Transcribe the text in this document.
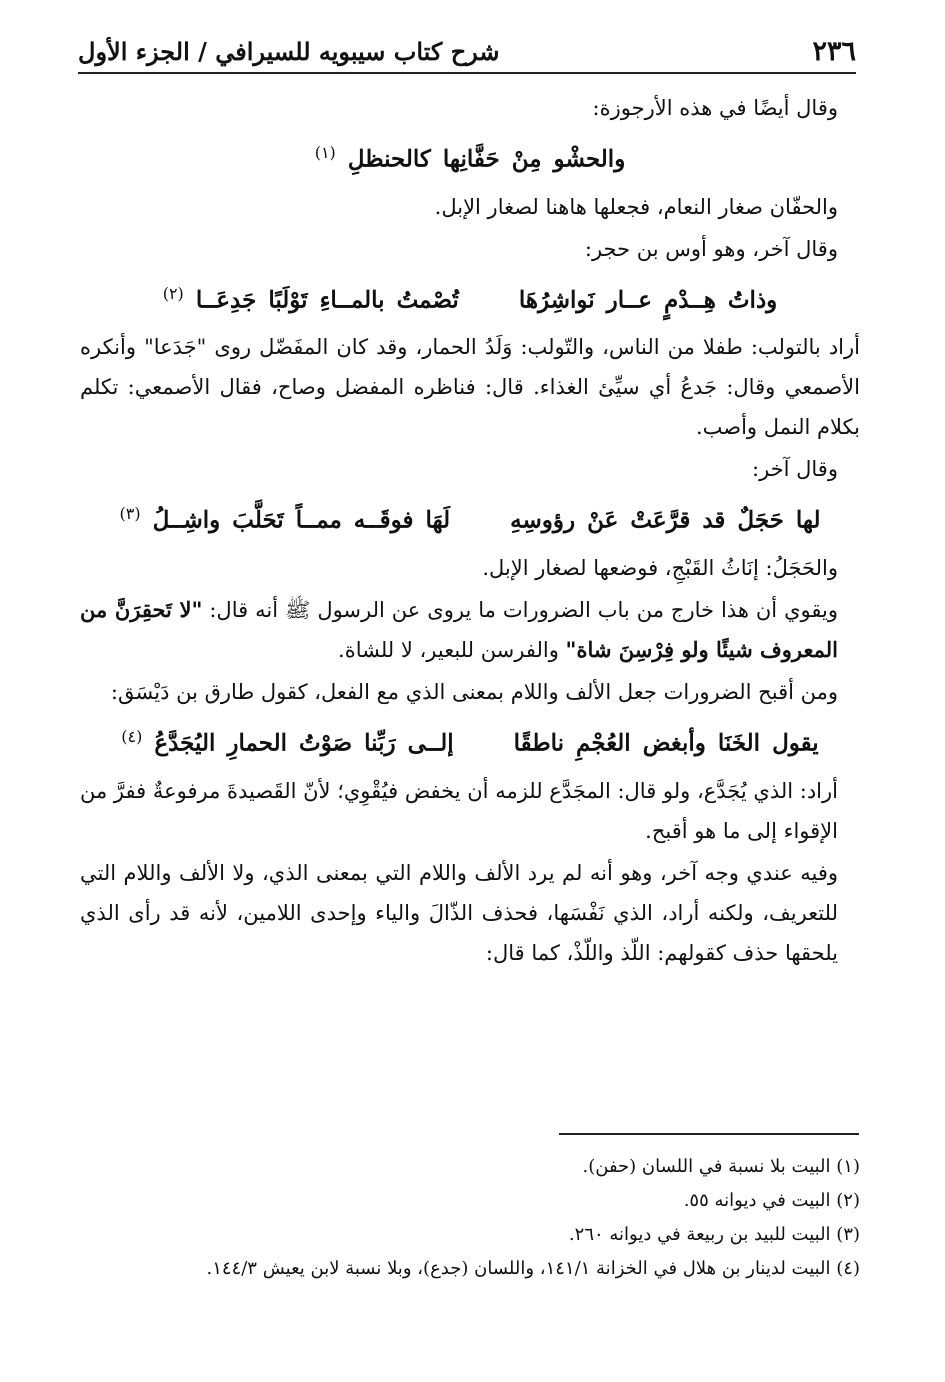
٢٣٦
شرح كتاب سيبويه للسيرافي / الجزء الأول

وقال أيضًا في هذه الأرجوزة:

والحشْو مِنْ حَفَّانِها كالحنظلِ $^{(١)}$

والحفّان صغار النعام، فجعلها هاهنا لصغار الإبل.

وقال آخر، وهو أوس بن حجر:

وذاتُ هِــدْمٍ عــار نَواشِرُهَا     تُصْمتُ بالمــاءِ تَوْلَبًا جَدِعَــا $^{(٢)}$

أراد بالتولب: طفلا من الناس، والتّولب: وَلَدُ الحمار، وقد كان المفَضّل روى "جَدَعا" وأنكره الأصمعي وقال: جَدعُ أي سيِّئ الغذاء. قال: فناظره المفضل وصاح، فقال الأصمعي: تكلم بكلام النمل وأصب.

وقال آخر:

لها حَجَلٌ قد قرَّعَتْ عَنْ رؤوسِهِ     لَهَا فوقَــه ممــاً تَحَلَّبَ واشِــلُ $^{(٣)}$

والحَجَلُ: إنَاثُ القَبْجِ، فوضعها لصغار الإبل.

ويقوي أن هذا خارج من باب الضرورات ما يروى عن الرسول ﷺ أنه قال: "لا تَحقِرَنَّ من المعروف شيئًا ولو فِرْسِنَ شاة" والفرسن للبعير، لا للشاة.

ومن أقبح الضرورات جعل الألف واللام بمعنى الذي مع الفعل، كقول طارق بن دَيْسَق:

يقول الخَنَا وأبغض العُجْمِ ناطقًا     إلــى رَبِّنا صَوْتُ الحمارِ اليُجَدَّعُ $^{(٤)}$

أراد: الذي يُجَدَّع، ولو قال: المجَدَّع للزمه أن يخفض فيُقْوِي؛ لأنّ القَصيدةَ مرفوعةٌ ففرَّ من الإقواء إلى ما هو أقبح.

وفيه عندي وجه آخر، وهو أنه لم يرد الألف واللام التي بمعنى الذي، ولا الألف واللام التي للتعريف، ولكنه أراد، الذي نَفْسَها، فحذف الذّالَ والياء وإحدى اللامين، لأنه قد رأى الذي يلحقها حذف كقولهم: اللّذ واللّذْ، كما قال:

(١) البيت بلا نسبة في اللسان (حفن).

(٢) البيت في ديوانه ٥٥.

(٣) البيت للبيد بن ربيعة في ديوانه ٢٦٠.

(٤) البيت لدينار بن هلال في الخزانة ١٤١/١، واللسان (جدع)، وبلا نسبة لابن يعيش ١٤٤/٣.
